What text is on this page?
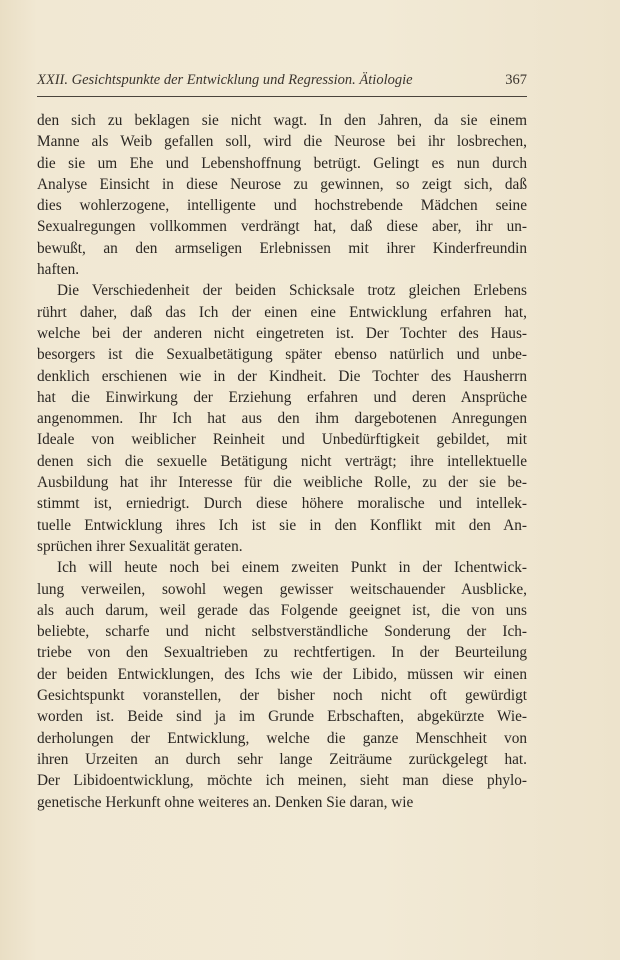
XXII. Gesichtspunkte der Entwicklung und Regression. Ätiologie	367

den sich zu beklagen sie nicht wagt. In den Jahren, da sie einem
Manne als Weib gefallen soll, wird die Neurose bei ihr losbrechen,
die sie um Ehe und Lebenshoffnung betrügt. Gelingt es nun durch
Analyse Einsicht in diese Neurose zu gewinnen, so zeigt sich, daß
dies wohlerzogene, intelligente und hochstrebende Mädchen seine
Sexualregungen vollkommen verdrängt hat, daß diese aber, ihr un-
bewußt, an den armseligen Erlebnissen mit ihrer Kinderfreundin
haften.

Die Verschiedenheit der beiden Schicksale trotz gleichen Erlebens
rührt daher, daß das Ich der einen eine Entwicklung erfahren hat,
welche bei der anderen nicht eingetreten ist. Der Tochter des Haus-
besorgers ist die Sexualbetätigung später ebenso natürlich und unbe-
denklich erschienen wie in der Kindheit. Die Tochter des Hausherrn
hat die Einwirkung der Erziehung erfahren und deren Ansprüche
angenommen. Ihr Ich hat aus den ihm dargebotenen Anregungen
Ideale von weiblicher Reinheit und Unbedürftigkeit gebildet, mit
denen sich die sexuelle Betätigung nicht verträgt; ihre intellektuelle
Ausbildung hat ihr Interesse für die weibliche Rolle, zu der sie be-
stimmt ist, erniedrigt. Durch diese höhere moralische und intellek-
tuelle Entwicklung ihres Ich ist sie in den Konflikt mit den An-
sprüchen ihrer Sexualität geraten.

Ich will heute noch bei einem zweiten Punkt in der Ichentwick-
lung verweilen, sowohl wegen gewisser weitschauender Ausblicke,
als auch darum, weil gerade das Folgende geeignet ist, die von uns
beliebte, scharfe und nicht selbstverständliche Sonderung der Ich-
triebe von den Sexualtrieben zu rechtfertigen. In der Beurteilung
der beiden Entwicklungen, des Ichs wie der Libido, müssen wir einen
Gesichtspunkt voranstellen, der bisher noch nicht oft gewürdigt
worden ist. Beide sind ja im Grunde Erbschaften, abgekürzte Wie-
derholungen der Entwicklung, welche die ganze Menschheit von
ihren Urzeiten an durch sehr lange Zeiträume zurückgelegt hat.
Der Libidoentwicklung, möchte ich meinen, sieht man diese phylo-
genetische Herkunft ohne weiteres an. Denken Sie daran, wie
